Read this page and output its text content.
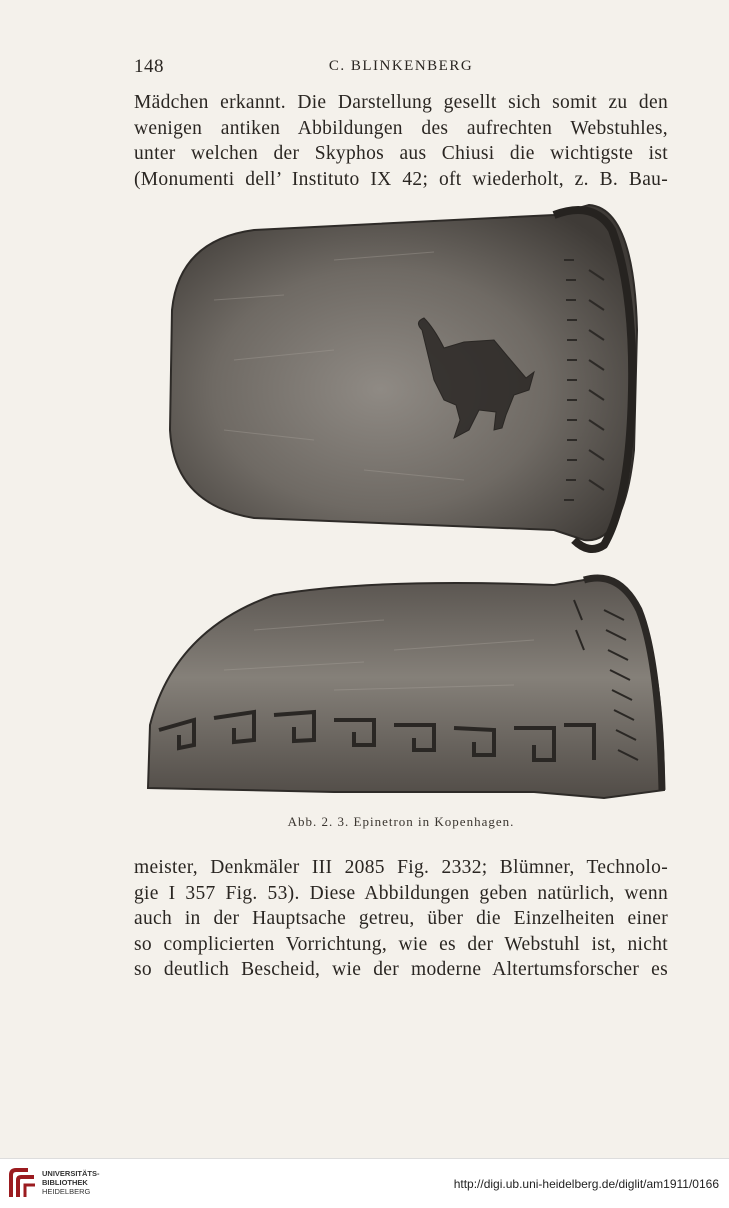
148	C. BLINKENBERG
Mädchen erkannt. Die Darstellung gesellt sich somit zu den
wenigen antiken Abbildungen des aufrechten Webstuhles,
unter welchen der Skyphos aus Chiusi die wichtigste ist
(Monumenti dell’ Instituto IX 42; oft wiederholt, z. B. Bau-
Abb. 2. 3. Epinetron in Kopenhagen.
meister, Denkmäler III 2085 Fig. 2332; Blümner, Technolo-
gie I 357 Fig. 53). Diese Abbildungen geben natürlich, wenn
auch in der Hauptsache getreu, über die Einzelheiten einer
so complicierten Vorrichtung, wie es der Webstuhl ist, nicht
so deutlich Bescheid, wie der moderne Altertumsforscher es
UNIVERSITÄTS-
BIBLIOTHEK
HEIDELBERG
http://digi.ub.uni-heidelberg.de/diglit/am1911/0166
